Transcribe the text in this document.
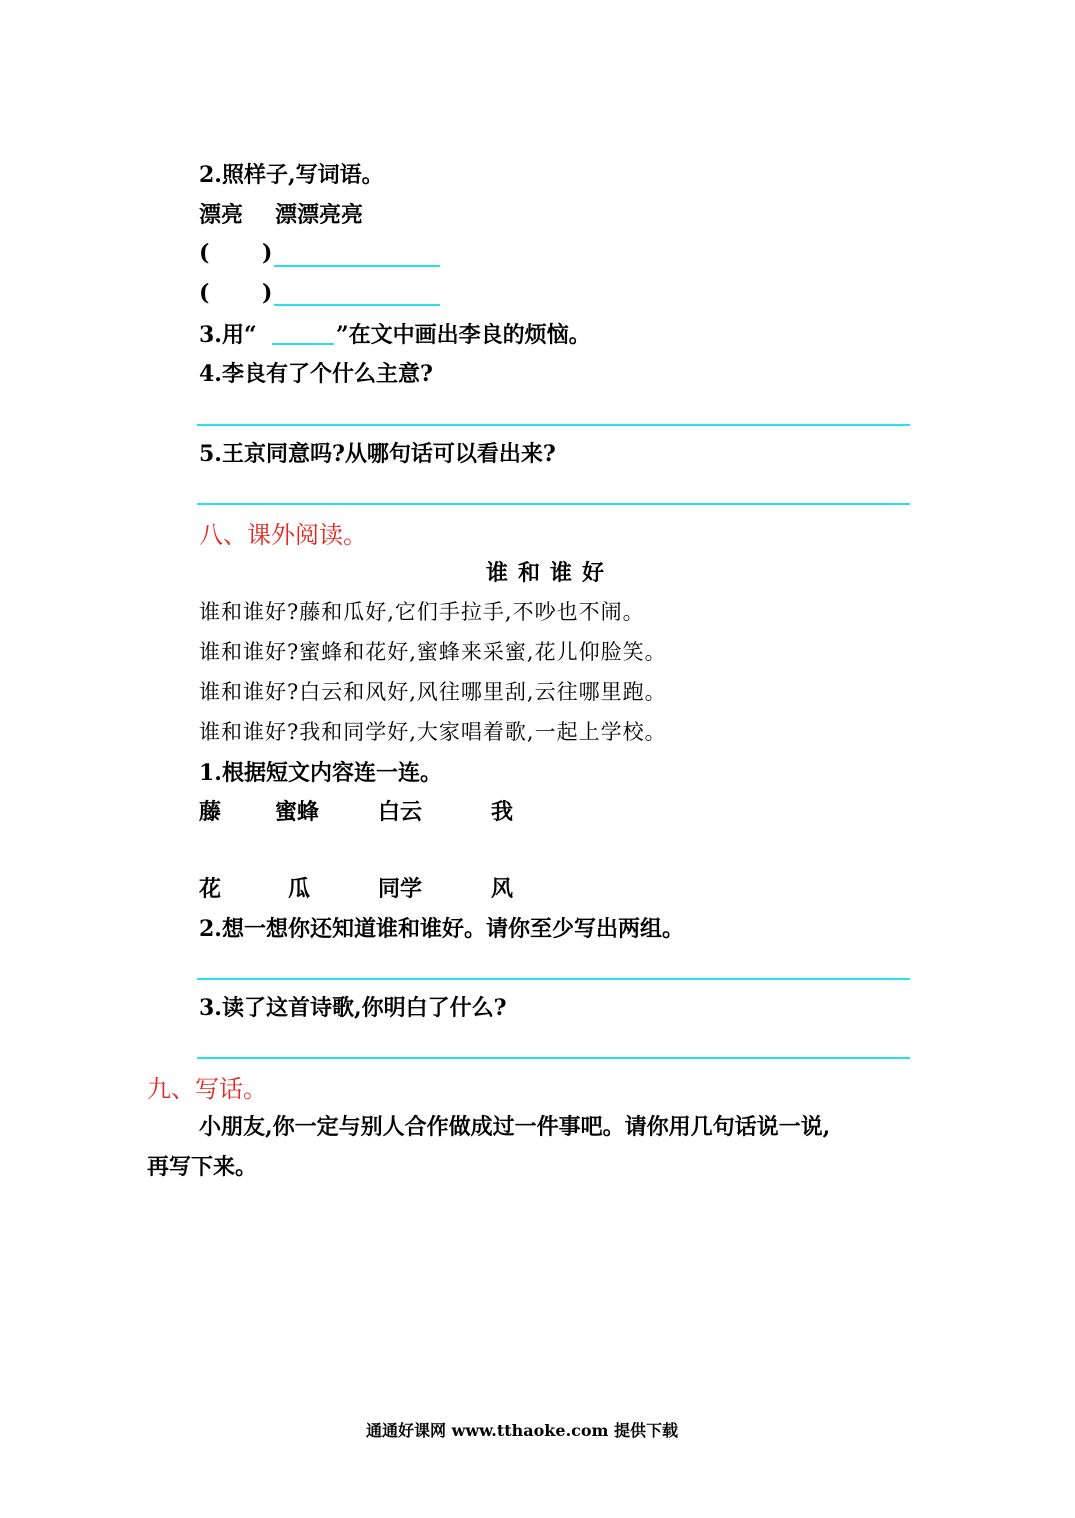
2.照样子,写词语。
漂亮 漂漂亮亮
( )
( )
3.用“	”在文中画出李良的烦恼。
4.李良有了个什么主意?
5.王京同意吗?从哪句话可以看出来?
八、课外阅读。
谁和谁好
谁和谁好?藤和瓜好,它们手拉手,不吵也不闹。
谁和谁好?蜜蜂和花好,蜜蜂来采蜜,花儿仰脸笑。
谁和谁好?白云和风好,风往哪里刮,云往哪里跑。
谁和谁好?我和同学好,大家唱着歌,一起上学校。
1.根据短文内容连一连。
藤 蜜蜂	白云	我
花	瓜	同学	风
2.想一想你还知道谁和谁好。请你至少写出两组。
3.读了这首诗歌,你明白了什么?
九、写话。
小朋友,你一定与别人合作做成过一件事吧。请你用几句话说一说,
再写下来。
通通好课网 www.tthaoke.com 提供下载
